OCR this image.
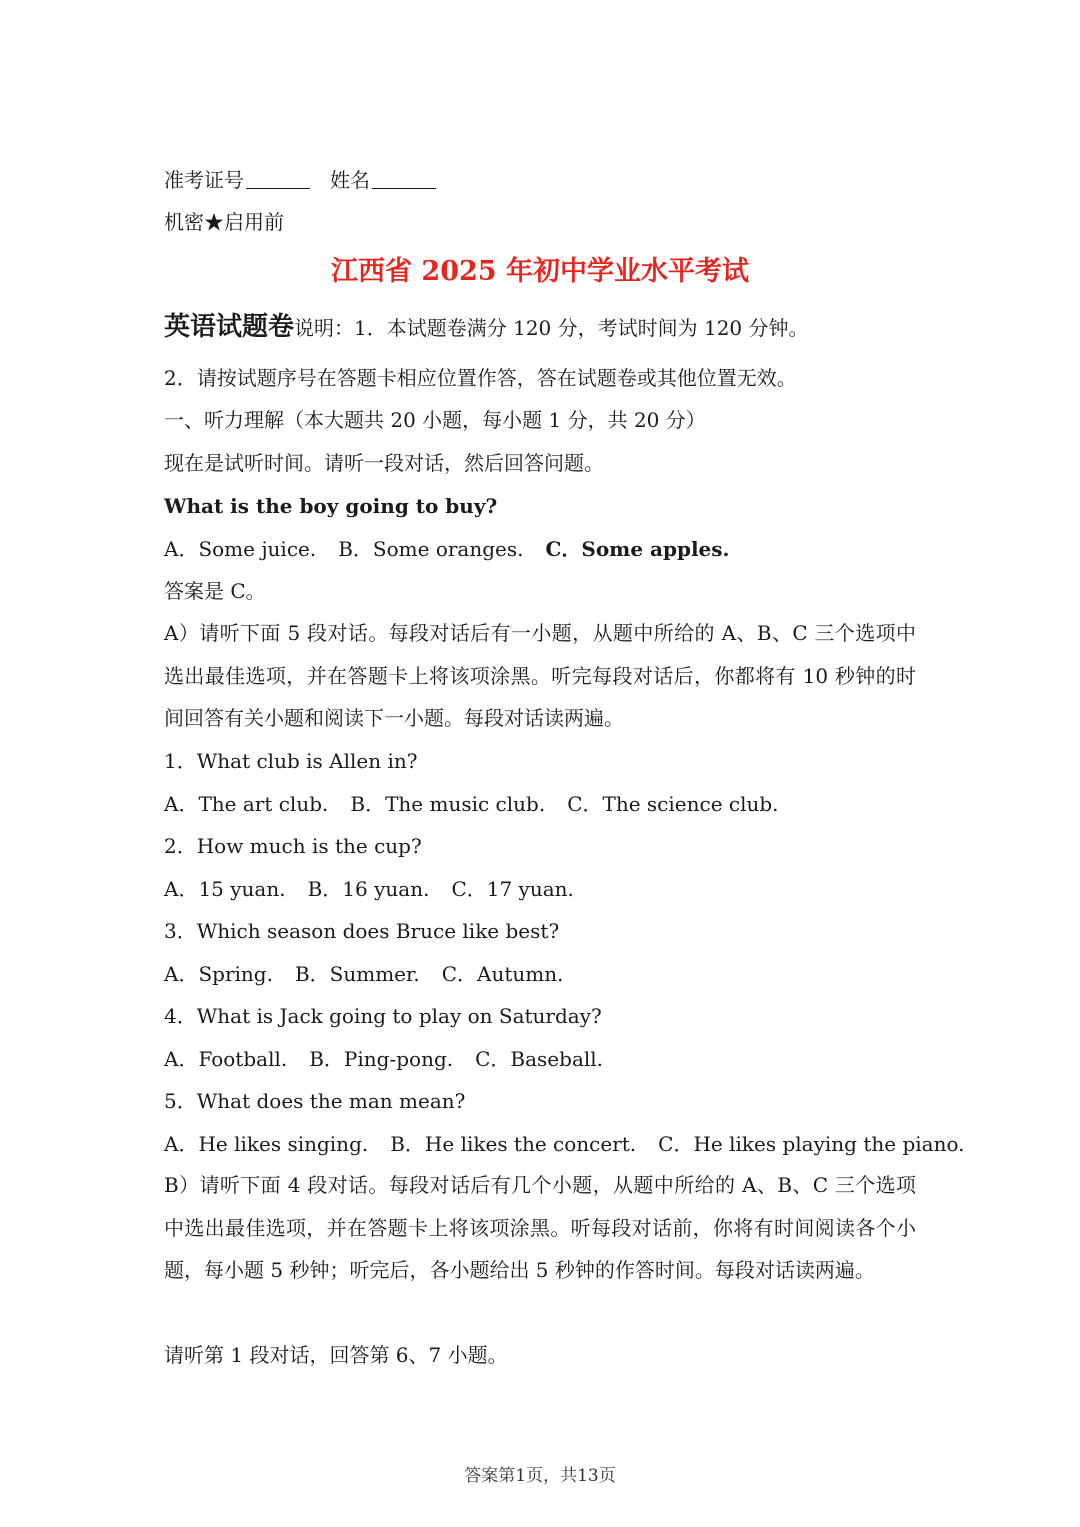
准考证号	姓名
机密★启用前
江西省 2025 年初中学业水平考试
英语试题卷说明：1．本试题卷满分 120 分，考试时间为 120 分钟。
2．请按试题序号在答题卡相应位置作答，答在试题卷或其他位置无效。
一、听力理解（本大题共 20 小题，每小题 1 分，共 20 分）
现在是试听时间。请听一段对话，然后回答问题。
What is the boy going to buy?
A．Some juice. B．Some oranges. C．Some apples.
答案是 C。
A）请听下面 5 段对话。每段对话后有一小题，从题中所给的 A、B、C 三个选项中选出最佳选项，并在答题卡上将该项涂黑。听完每段对话后，你都将有 10 秒钟的时间回答有关小题和阅读下一小题。每段对话读两遍。
1．What club is Allen in?
A．The art club. B．The music club. C．The science club.
2．How much is the cup?
A．15 yuan. B．16 yuan. C．17 yuan.
3．Which season does Bruce like best?
A．Spring. B．Summer. C．Autumn.
4．What is Jack going to play on Saturday?
A．Football. B．Ping-pong. C．Baseball.
5．What does the man mean?
A．He likes singing. B．He likes the concert. C．He likes playing the piano.
B）请听下面 4 段对话。每段对话后有几个小题，从题中所给的 A、B、C 三个选项中选出最佳选项，并在答题卡上将该项涂黑。听每段对话前，你将有时间阅读各个小题，每小题 5 秒钟；听完后，各小题给出 5 秒钟的作答时间。每段对话读两遍。
请听第 1 段对话，回答第 6、7 小题。
答案第1页，共13页
